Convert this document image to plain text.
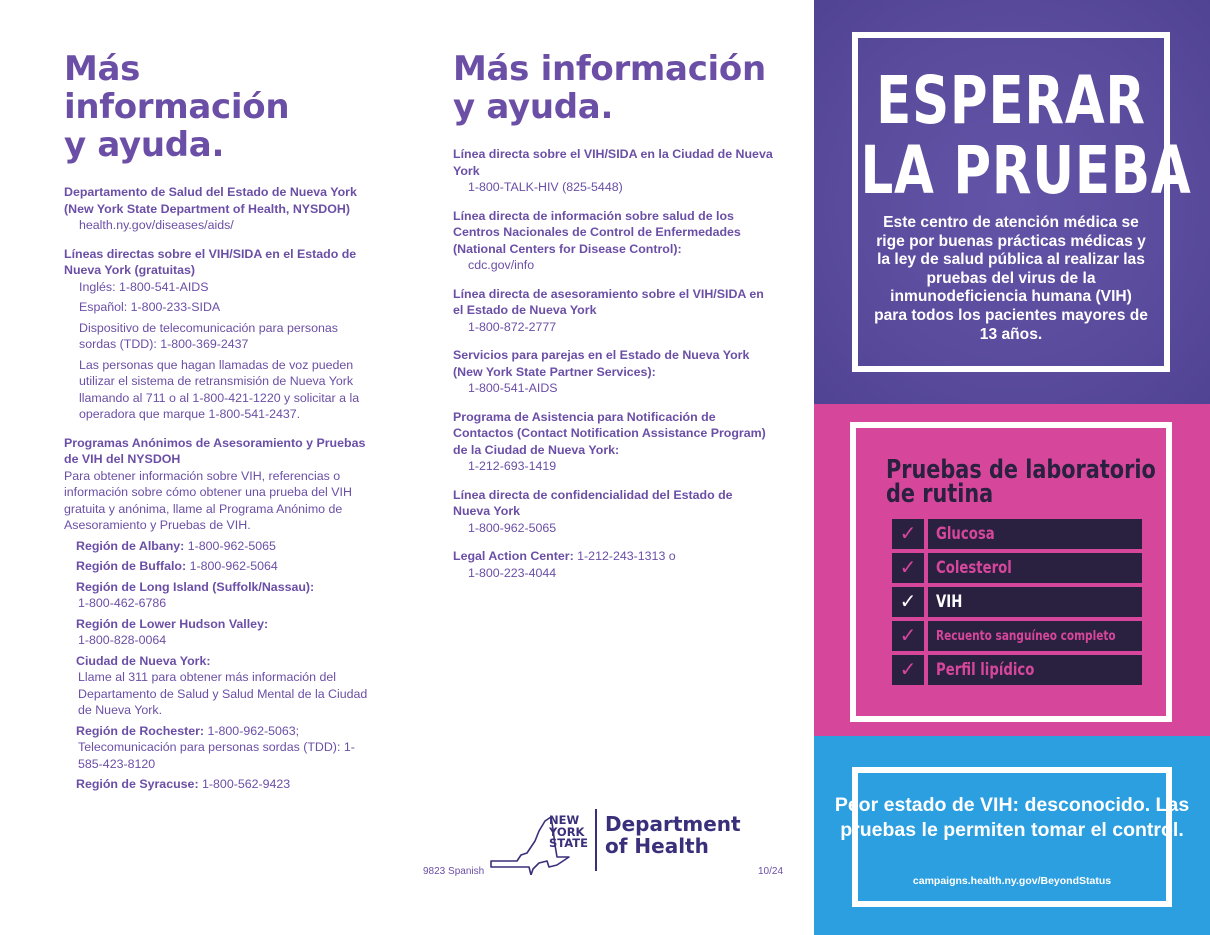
Más información
y ayuda.
Departamento de Salud del Estado de Nueva York (New York State Department of Health, NYSDOH)
health.ny.gov/diseases/aids/
Líneas directas sobre el VIH/SIDA en el Estado de Nueva York (gratuitas)
Inglés: 1-800-541-AIDS
Español: 1-800-233-SIDA
Dispositivo de telecomunicación para personas sordas (TDD): 1-800-369-2437
Las personas que hagan llamadas de voz pueden utilizar el sistema de retransmisión de Nueva York llamando al 711 o al 1-800-421-1220 y solicitar a la operadora que marque 1-800-541-2437.
Programas Anónimos de Asesoramiento y Pruebas de VIH del NYSDOH
Para obtener información sobre VIH, referencias o información sobre cómo obtener una prueba del VIH gratuita y anónima, llame al Programa Anónimo de Asesoramiento y Pruebas de VIH.
Región de Albany: 1-800-962-5065
Región de Buffalo: 1-800-962-5064
Región de Long Island (Suffolk/Nassau):
1-800-462-6786
Región de Lower Hudson Valley:
1-800-828-0064
Ciudad de Nueva York:
Llame al 311 para obtener más información del Departamento de Salud y Salud Mental de la Ciudad de Nueva York.
Región de Rochester: 1-800-962-5063;
Telecomunicación para personas sordas (TDD): 1-585-423-8120
Región de Syracuse: 1-800-562-9423
Más información
y ayuda.
Línea directa sobre el VIH/SIDA en la Ciudad de Nueva York
1-800-TALK-HIV (825-5448)
Línea directa de información sobre salud de los Centros Nacionales de Control de Enfermedades (National Centers for Disease Control):
cdc.gov/info
Línea directa de asesoramiento sobre el VIH/SIDA en el Estado de Nueva York
1-800-872-2777
Servicios para parejas en el Estado de Nueva York (New York State Partner Services):
1-800-541-AIDS
Programa de Asistencia para Notificación de Contactos (Contact Notification Assistance Program) de la Ciudad de Nueva York:
1-212-693-1419
Línea directa de confidencialidad del Estado de Nueva York
1-800-962-5065
Legal Action Center: 1-212-243-1313 o
1-800-223-4044
NEW
YORK
STATE
Department
of Health
9823 Spanish	10/24
ESPERAR
LA PRUEBA
Este centro de atención médica se rige por buenas prácticas médicas y la ley de salud pública al realizar las pruebas del virus de la inmunodeficiencia humana (VIH) para todos los pacientes mayores de 13 años.
Pruebas de laboratorio
de rutina
✓	Glucosa
✓	Colesterol
✓	VIH
✓	Recuento sanguíneo completo
✓	Perfil lipídico
Peor estado de VIH: desconocido. Las pruebas le permiten tomar el control.
campaigns.health.ny.gov/BeyondStatus
